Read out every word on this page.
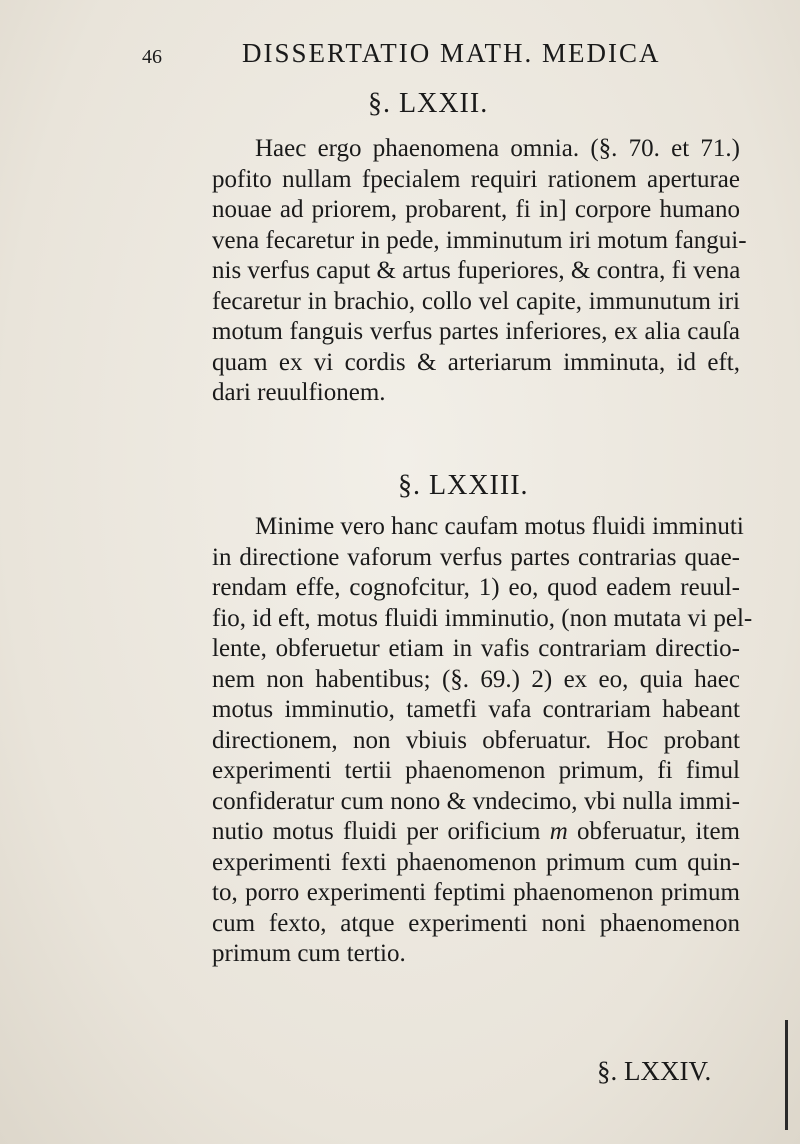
46	DISSERTATIO MATH. MEDICA
§. LXXII.
Haec ergo phaenomena omnia. (§. 70. et 71.)
pofito nullam fpecialem requiri rationem aperturae
nouae ad priorem, probarent, fi in] corpore humano
vena fecaretur in pede, imminutum iri motum fangui-
nis verfus caput & artus fuperiores, & contra, fi vena
fecaretur in brachio, collo vel capite, immunutum iri
motum fanguis verfus partes inferiores, ex alia cauſa
quam ex vi cordis & arteriarum imminuta, id eft,
dari reuulfionem.
§. LXXIII.
Minime vero hanc caufam motus fluidi imminuti
in directione vaforum verfus partes contrarias quae-
rendam effe, cognofcitur, 1) eo, quod eadem reuul-
fio, id eft, motus fluidi imminutio, (non mutata vi pel-
lente, obferuetur etiam in vafis contrariam directio-
nem non habentibus; (§. 69.) 2) ex eo, quia haec
motus imminutio, tametfi vafa contrariam habeant
directionem, non vbiuis obferuatur. Hoc probant
experimenti tertii phaenomenon primum, fi fimul
confideratur cum nono & vndecimo, vbi nulla immi-
nutio motus fluidi per orificium m obferuatur, item
experimenti fexti phaenomenon primum cum quin-
to, porro experimenti feptimi phaenomenon primum
cum fexto, atque experimenti noni phaenomenon
primum cum tertio.
§. LXXIV.
